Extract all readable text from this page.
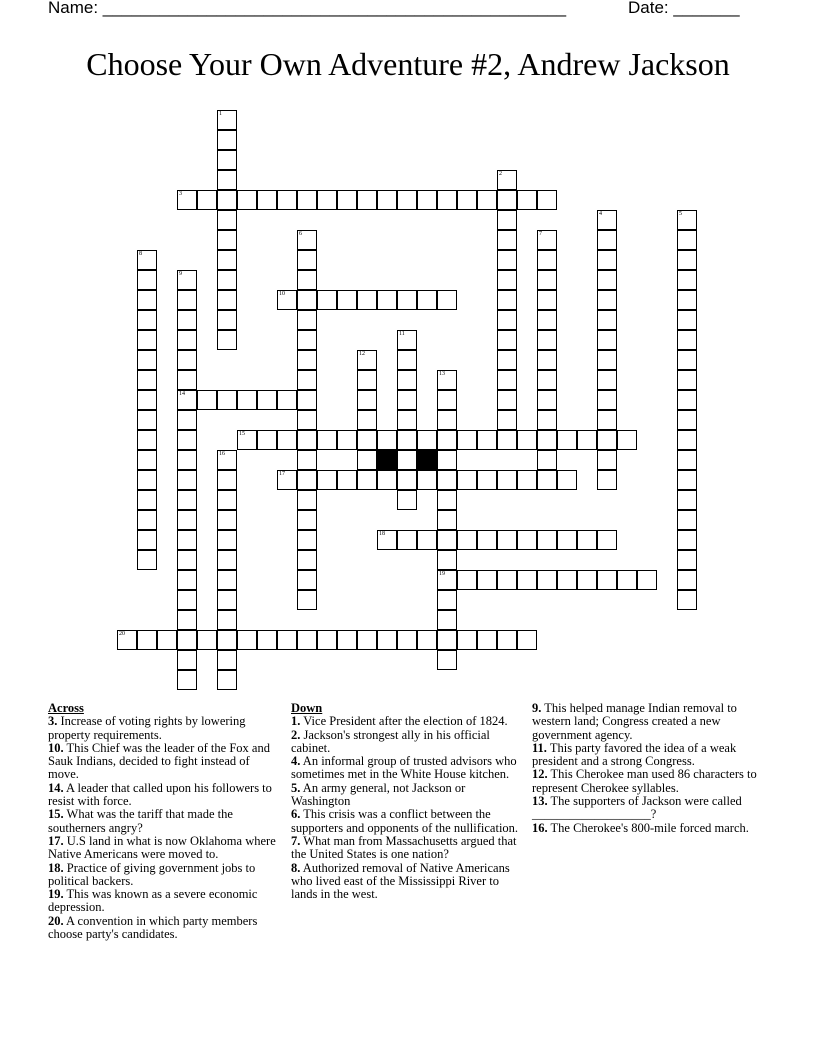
Name: _________________________________________________	Date: _______
Choose Your Own Adventure #2, Andrew Jackson
3
10
14
15
17
18
19
20
1
2
4	5
6	7
8
9
11
12
13
16
Across
3. Increase of voting rights by lowering property requirements.
10. This Chief was the leader of the Fox and Sauk Indians, decided to fight instead of move.
14. A leader that called upon his followers to resist with force.
15. What was the tariff that made the southerners angry?
17. U.S land in what is now Oklahoma where Native Americans were moved to.
18. Practice of giving government jobs to political backers.
19. This was known as a severe economic depression.
20. A convention in which party members choose party's candidates.
Down
1. Vice President after the election of 1824.
2. Jackson's strongest ally in his official cabinet.
4. An informal group of trusted advisors who sometimes met in the White House kitchen.
5. An army general, not Jackson or Washington
6. This crisis was a conflict between the supporters and opponents of the nullification.
7. What man from Massachusetts argued that the United States is one nation?
8. Authorized removal of Native Americans who lived east of the Mississippi River to lands in the west.
9. This helped manage Indian removal to western land; Congress created a new government agency.
11. This party favored the idea of a weak president and a strong Congress.
12. This Cherokee man used 86 characters to represent Cherokee syllables.
13. The supporters of Jackson were called ___________________?
16. The Cherokee's 800-mile forced march.
